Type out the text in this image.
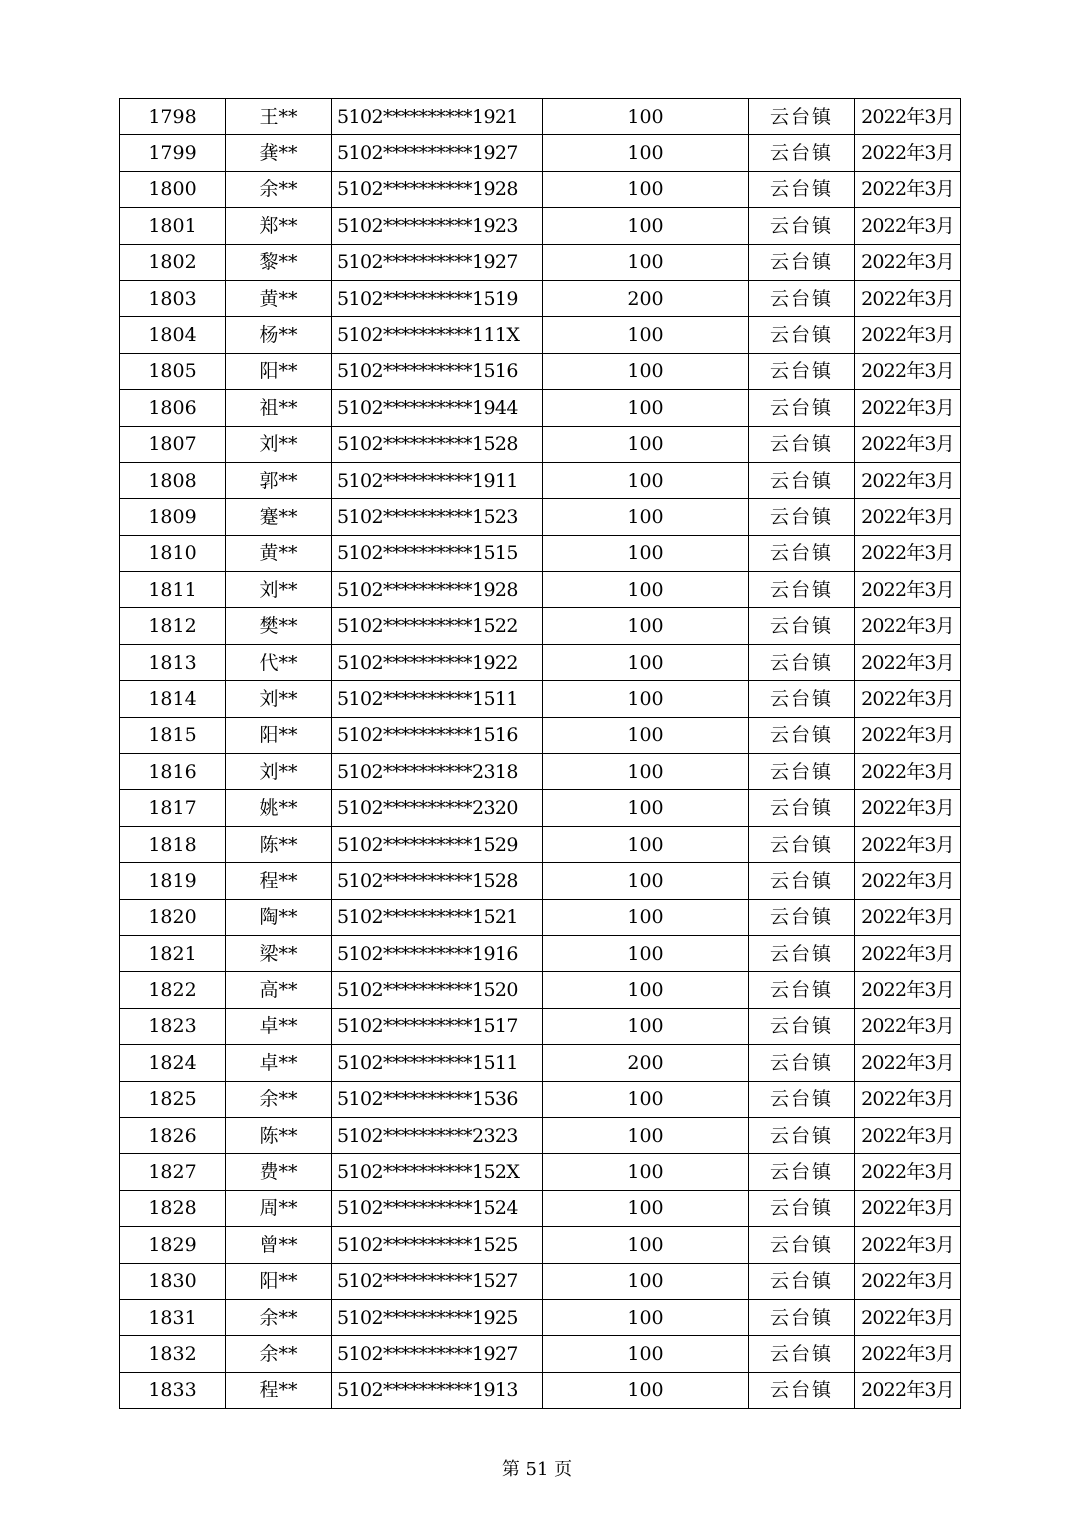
1798	王**	5102**********1921	100	云台镇	2022年3月
1799	龚**	5102**********1927	100	云台镇	2022年3月
1800	余**	5102**********1928	100	云台镇	2022年3月
1801	郑**	5102**********1923	100	云台镇	2022年3月
1802	黎**	5102**********1927	100	云台镇	2022年3月
1803	黄**	5102**********1519	200	云台镇	2022年3月
1804	杨**	5102**********111X	100	云台镇	2022年3月
1805	阳**	5102**********1516	100	云台镇	2022年3月
1806	祖**	5102**********1944	100	云台镇	2022年3月
1807	刘**	5102**********1528	100	云台镇	2022年3月
1808	郭**	5102**********1911	100	云台镇	2022年3月
1809	蹇**	5102**********1523	100	云台镇	2022年3月
1810	黄**	5102**********1515	100	云台镇	2022年3月
1811	刘**	5102**********1928	100	云台镇	2022年3月
1812	樊**	5102**********1522	100	云台镇	2022年3月
1813	代**	5102**********1922	100	云台镇	2022年3月
1814	刘**	5102**********1511	100	云台镇	2022年3月
1815	阳**	5102**********1516	100	云台镇	2022年3月
1816	刘**	5102**********2318	100	云台镇	2022年3月
1817	姚**	5102**********2320	100	云台镇	2022年3月
1818	陈**	5102**********1529	100	云台镇	2022年3月
1819	程**	5102**********1528	100	云台镇	2022年3月
1820	陶**	5102**********1521	100	云台镇	2022年3月
1821	梁**	5102**********1916	100	云台镇	2022年3月
1822	高**	5102**********1520	100	云台镇	2022年3月
1823	卓**	5102**********1517	100	云台镇	2022年3月
1824	卓**	5102**********1511	200	云台镇	2022年3月
1825	余**	5102**********1536	100	云台镇	2022年3月
1826	陈**	5102**********2323	100	云台镇	2022年3月
1827	费**	5102**********152X	100	云台镇	2022年3月
1828	周**	5102**********1524	100	云台镇	2022年3月
1829	曾**	5102**********1525	100	云台镇	2022年3月
1830	阳**	5102**********1527	100	云台镇	2022年3月
1831	余**	5102**********1925	100	云台镇	2022年3月
1832	余**	5102**********1927	100	云台镇	2022年3月
1833	程**	5102**********1913	100	云台镇	2022年3月
第 51 页
